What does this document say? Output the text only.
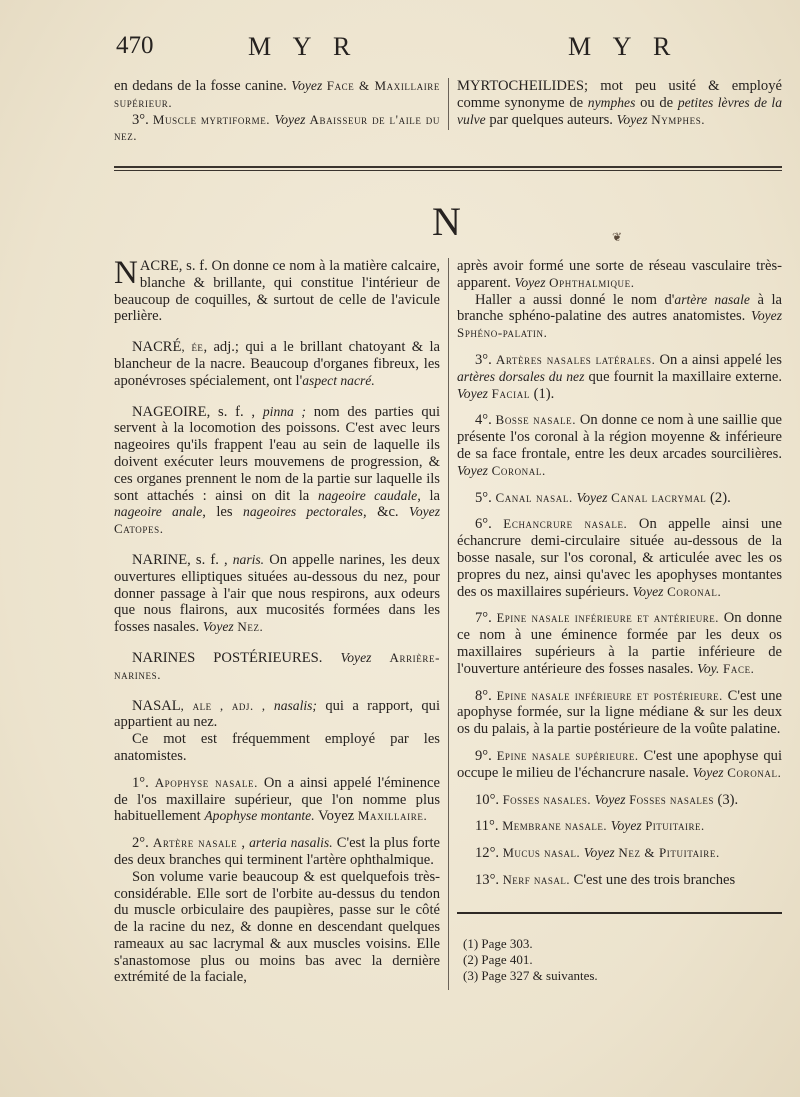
470	M Y R	M Y R

en dedans de la fosse canine. Voyez Face & Maxillaire supérieur.

3°. Muscle myrtiforme. Voyez Abaisseur de l'aile du nez.

MYRTOCHEILIDES; mot peu usité & employé comme synonyme de nymphes ou de petites lèvres de la vulve par quelques auteurs. Voyez Nymphes.

N	❦

NACRE, s. f. On donne ce nom à la matière calcaire, blanche & brillante, qui constitue l'intérieur de beaucoup de coquilles, & surtout de celle de l'avicule perlière.

NACRÉ, ée, adj.; qui a le brillant chatoyant & la blancheur de la nacre. Beaucoup d'organes fibreux, les aponévroses spécialement, ont l'aspect nacré.

NAGEOIRE, s. f. , pinna ; nom des parties qui servent à la locomotion des poissons. C'est avec leurs nageoires qu'ils frappent l'eau au sein de laquelle ils doivent exécuter leurs mouvemens de progression, & ces organes prennent le nom de la partie sur laquelle ils sont attachés : ainsi on dit la nageoire caudale, la nageoire anale, les nageoires pectorales, &c. Voyez Catopes.

NARINE, s. f. , naris. On appelle narines, les deux ouvertures elliptiques situées au-dessous du nez, pour donner passage à l'air que nous respirons, aux odeurs que nous flairons, aux mucosités formées dans les fosses nasales. Voyez Nez.

NARINES POSTÉRIEURES. Voyez Arrière-narines.

NASAL, ale , adj. , nasalis; qui a rapport, qui appartient au nez.

Ce mot est fréquemment employé par les anatomistes.

1°. Apophyse nasale. On a ainsi appelé l'éminence de l'os maxillaire supérieur, que l'on nomme plus habituellement Apophyse montante. Voyez Maxillaire.

2°. Artère nasale , arteria nasalis. C'est la plus forte des deux branches qui terminent l'artère ophthalmique.

Son volume varie beaucoup & est quelquefois très-considérable. Elle sort de l'orbite au-dessus du tendon du muscle orbiculaire des paupières, passe sur le côté de la racine du nez, & donne en descendant quelques rameaux au sac lacrymal & aux muscles voisins. Elle s'anastomose plus ou moins bas avec la dernière extrémité de la faciale,

après avoir formé une sorte de réseau vasculaire très-apparent. Voyez Ophthalmique.

Haller a aussi donné le nom d'artère nasale à la branche sphéno-palatine des autres anatomistes. Voyez Sphéno-palatin.

3°. Artères nasales latérales. On a ainsi appelé les artères dorsales du nez que fournit la maxillaire externe. Voyez Facial (1).

4°. Bosse nasale. On donne ce nom à une saillie que présente l'os coronal à la région moyenne & inférieure de sa face frontale, entre les deux arcades sourcilières. Voyez Coronal.

5°. Canal nasal. Voyez Canal lacrymal (2).

6°. Echancrure nasale. On appelle ainsi une échancrure demi-circulaire située au-dessous de la bosse nasale, sur l'os coronal, & articulée avec les os propres du nez, ainsi qu'avec les apophyses montantes des os maxillaires supérieurs. Voyez Coronal.

7°. Epine nasale inférieure et antérieure. On donne ce nom à une éminence formée par les deux os maxillaires supérieurs à la partie inférieure de l'ouverture antérieure des fosses nasales. Voy. Face.

8°. Epine nasale inférieure et postérieure. C'est une apophyse formée, sur la ligne médiane & sur les deux os du palais, à la partie postérieure de la voûte palatine.

9°. Epine nasale supérieure. C'est une apophyse qui occupe le milieu de l'échancrure nasale. Voyez Coronal.

10°. Fosses nasales. Voyez Fosses nasales (3).

11°. Membrane nasale. Voyez Pituitaire.

12°. Mucus nasal. Voyez Nez & Pituitaire.

13°. Nerf nasal. C'est une des trois branches

(1) Page 303.
(2) Page 401.
(3) Page 327 & suivantes.
